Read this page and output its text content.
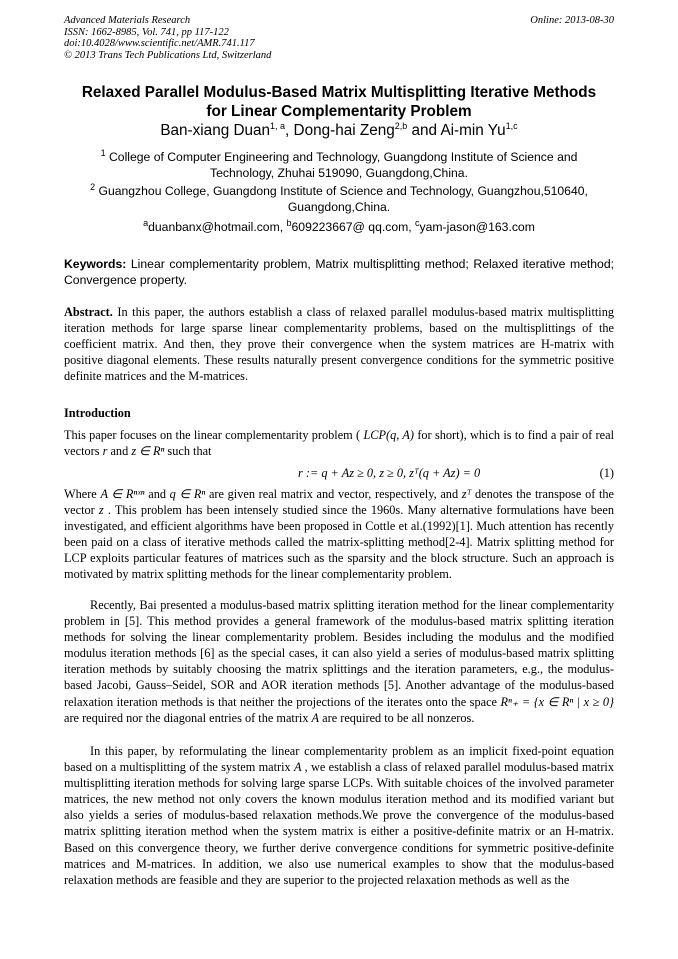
Advanced Materials Research
ISSN: 1662-8985, Vol. 741, pp 117-122
doi:10.4028/www.scientific.net/AMR.741.117
© 2013 Trans Tech Publications Ltd, Switzerland
Online: 2013-08-30
Relaxed Parallel Modulus-Based Matrix Multisplitting Iterative Methods
for Linear Complementarity Problem
Ban-xiang Duan$^{1, a}$, Dong-hai Zeng$^{2,b}$ and Ai-min Yu$^{1,c}$
$^1$ College of Computer Engineering and Technology, Guangdong Institute of Science and
Technology, Zhuhai 519090, Guangdong,China.
$^2$ Guangzhou College, Guangdong Institute of Science and Technology, Guangzhou,510640,
Guangdong,China.
$^a$duanbanx@hotmail.com, $^b$609223667@ qq.com, $^c$yam-jason@163.com
Keywords: Linear complementarity problem, Matrix multisplitting method; Relaxed iterative method; Convergence property.
Abstract. In this paper, the authors establish a class of relaxed parallel modulus-based matrix multisplitting iteration methods for large sparse linear complementarity problems, based on the multisplittings of the coefficient matrix. And then, they prove their convergence when the system matrices are H-matrix with positive diagonal elements. These results naturally present convergence conditions for the symmetric positive definite matrices and the M-matrices.
Introduction
This paper focuses on the linear complementarity problem ( LCP(q, A) for short), which is to find a pair of real vectors r and z ∈ Rⁿ such that
r := q + Az ≥ 0, z ≥ 0, zᵀ(q + Az) = 0	(1)
Where A ∈ Rⁿˣⁿ and q ∈ Rⁿ are given real matrix and vector, respectively, and zᵀ denotes the transpose of the vector z . This problem has been intensely studied since the 1960s. Many alternative formulations have been investigated, and efficient algorithms have been proposed in Cottle et al.(1992)[1]. Much attention has recently been paid on a class of iterative methods called the matrix-splitting method[2-4]. Matrix splitting method for LCP exploits particular features of matrices such as the sparsity and the block structure. Such an approach is motivated by matrix splitting methods for the linear complementarity problem.
Recently, Bai presented a modulus-based matrix splitting iteration method for the linear complementarity problem in [5]. This method provides a general framework of the modulus-based matrix splitting iteration methods for solving the linear complementarity problem. Besides including the modulus and the modified modulus iteration methods [6] as the special cases, it can also yield a series of modulus-based matrix splitting iteration methods by suitably choosing the matrix splittings and the iteration parameters, e.g., the modulus-based Jacobi, Gauss–Seidel, SOR and AOR iteration methods [5]. Another advantage of the modulus-based relaxation iteration methods is that neither the projections of the iterates onto the space Rⁿ₊ = {x ∈ Rⁿ | x ≥ 0} are required nor the diagonal entries of the matrix A are required to be all nonzeros.
In this paper, by reformulating the linear complementarity problem as an implicit fixed-point equation based on a multisplitting of the system matrix A , we establish a class of relaxed parallel modulus-based matrix multisplitting iteration methods for solving large sparse LCPs. With suitable choices of the involved parameter matrices, the new method not only covers the known modulus iteration method and its modified variant but also yields a series of modulus-based relaxation methods.We prove the convergence of the modulus-based matrix splitting iteration method when the system matrix is either a positive-definite matrix or an H-matrix. Based on this convergence theory, we further derive convergence conditions for symmetric positive-definite matrices and M-matrices. In addition, we also use numerical examples to show that the modulus-based relaxation methods are feasible and they are superior to the projected relaxation methods as well as the
